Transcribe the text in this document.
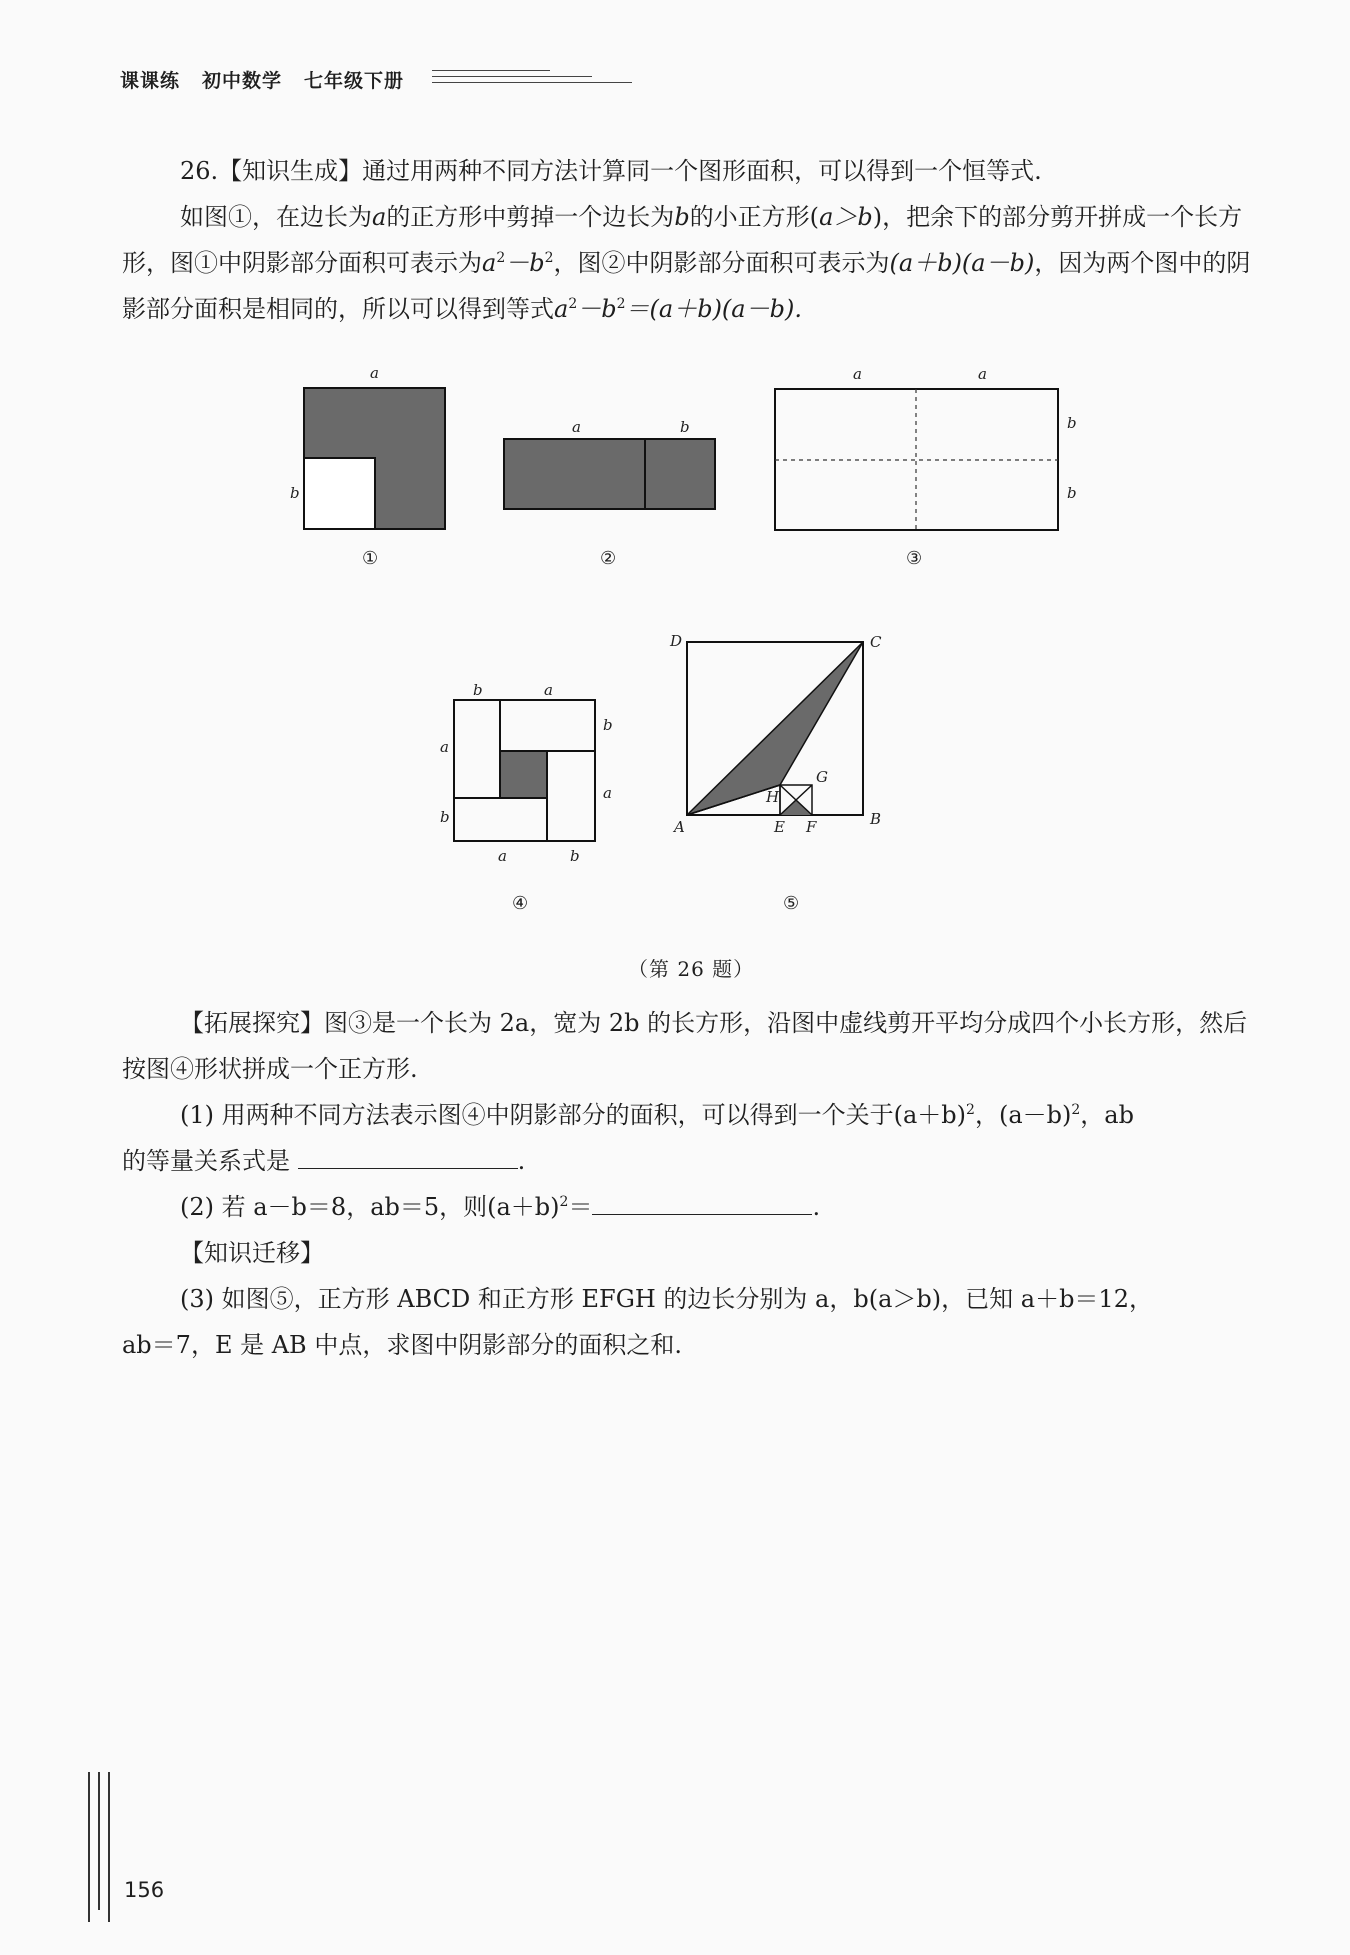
课课练 初中数学 七年级下册

26.【知识生成】通过用两种不同方法计算同一个图形面积，可以得到一个恒等式.

如图①，在边长为a的正方形中剪掉一个边长为b的小正方形(a＞b)，把余下的部分剪开拼成一个长方形，图①中阴影部分面积可表示为$a^2-b^2$，图②中阴影部分面积可表示为(a＋b)(a－b)，因为两个图中的阴影部分面积是相同的，所以可以得到等式$a^2-b^2=(a+b)(a-b)$.

a
b
①
a	b
②
a	a
b
b
③
b	a
b
a
a
b
a	b
④
D	C
A	B
E F
G
H
⑤
（第 26 题）

【拓展探究】图③是一个长为 2a，宽为 2b 的长方形，沿图中虚线剪开平均分成四个小长方形，然后按图④形状拼成一个正方形.

(1) 用两种不同方法表示图④中阴影部分的面积，可以得到一个关于$(a+b)^2$，$(a-b)^2$，ab
的等量关系式是	.

(2) 若 a－b＝8，ab＝5，则$(a+b)^2=$	.

【知识迁移】

(3) 如图⑤，正方形 ABCD 和正方形 EFGH 的边长分别为 a，b(a＞b)，已知 a＋b＝12，
ab＝7，E 是 AB 中点，求图中阴影部分的面积之和.

156
